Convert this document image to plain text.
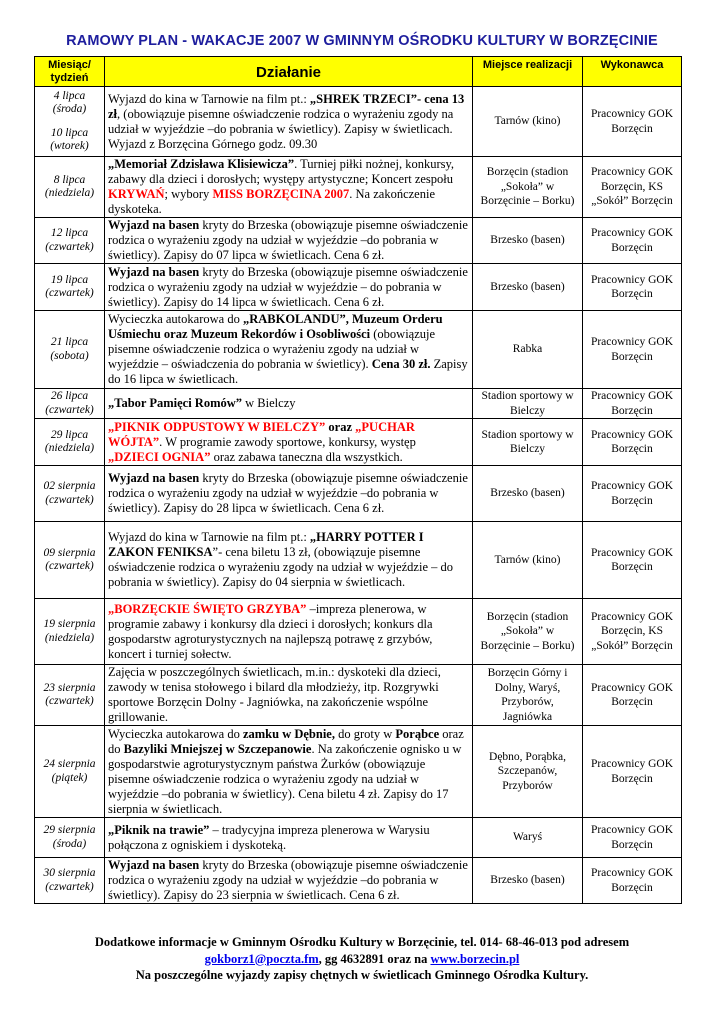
RAMOWY PLAN - WAKACJE 2007 W GMINNYM OŚRODKU KULTURY W BORZĘCINIE
Miesiąc/ tydzień	Działanie	Miejsce realizacji	Wykonawca

4 lipca (środa)
10 lipca (wtorek)	Wyjazd do kina w Tarnowie na film pt.: „SHREK TRZECI”- cena 13 zł, (obowiązuje pisemne oświadczenie rodzica o wyrażeniu zgody na udział w wyjeździe –do pobrania w świetlicy). Zapisy w świetlicach. Wyjazd z Borzęcina Górnego godz. 09.30	Tarnów (kino)	Pracownicy GOK Borzęcin

8 lipca (niedziela)	„Memoriał Zdzisława Klisiewicza”. Turniej piłki nożnej, konkursy, zabawy dla dzieci i dorosłych; występy artystyczne; Koncert zespołu KRYWAŃ; wybory MISS BORZĘCINA 2007. Na zakończenie dyskoteka.	Borzęcin (stadion „Sokoła” w Borzęcinie – Borku)	Pracownicy GOK Borzęcin, KS „Sokół” Borzęcin

12 lipca (czwartek)	Wyjazd na basen kryty do Brzeska (obowiązuje pisemne oświadczenie rodzica o wyrażeniu zgody na udział w wyjeździe –do pobrania w świetlicy). Zapisy do 07 lipca w świetlicach. Cena 6 zł.	Brzesko (basen)	Pracownicy GOK Borzęcin

19 lipca (czwartek)	Wyjazd na basen kryty do Brzeska (obowiązuje pisemne oświadczenie rodzica o wyrażeniu zgody na udział w wyjeździe – do pobrania w świetlicy). Zapisy do 14 lipca w świetlicach. Cena 6 zł.	Brzesko (basen)	Pracownicy GOK Borzęcin

21 lipca (sobota)	Wycieczka autokarowa do „RABKOLANDU”, Muzeum Orderu Uśmiechu oraz Muzeum Rekordów i Osobliwości (obowiązuje pisemne oświadczenie rodzica o wyrażeniu zgody na udział w wyjeździe – oświadczenia do pobrania w świetlicy). Cena 30 zł. Zapisy do 16 lipca w świetlicach.	Rabka	Pracownicy GOK Borzęcin

26 lipca (czwartek)	„Tabor Pamięci Romów” w Bielczy	Stadion sportowy w Bielczy	Pracownicy GOK Borzęcin

29 lipca (niedziela)	„PIKNIK ODPUSTOWY W BIELCZY” oraz „PUCHAR WÓJTA”. W programie zawody sportowe, konkursy, występ „DZIECI OGNIA” oraz zabawa taneczna dla wszystkich.	Stadion sportowy w Bielczy	Pracownicy GOK Borzęcin

02 sierpnia (czwartek)	Wyjazd na basen kryty do Brzeska (obowiązuje pisemne oświadczenie rodzica o wyrażeniu zgody na udział w wyjeździe –do pobrania w świetlicy). Zapisy do 28 lipca w świetlicach. Cena 6 zł.	Brzesko (basen)	Pracownicy GOK Borzęcin

09 sierpnia (czwartek)	Wyjazd do kina w Tarnowie na film pt.: „HARRY POTTER I ZAKON FENIKSA”- cena biletu 13 zł, (obowiązuje pisemne oświadczenie rodzica o wyrażeniu zgody na udział w wyjeździe – do pobrania w świetlicy). Zapisy do 04 sierpnia w świetlicach.	Tarnów (kino)	Pracownicy GOK Borzęcin

19 sierpnia (niedziela)	„BORZĘCKIE ŚWIĘTO GRZYBA” –impreza plenerowa, w programie zabawy i konkursy dla dzieci i dorosłych; konkurs dla gospodarstw agroturystycznych na najlepszą potrawę z grzybów, koncert i turniej sołectw.	Borzęcin (stadion „Sokoła” w Borzęcinie – Borku)	Pracownicy GOK Borzęcin, KS „Sokół” Borzęcin

23 sierpnia (czwartek)	Zajęcia w poszczególnych świetlicach, m.in.: dyskoteki dla dzieci, zawody w tenisa stołowego i bilard dla młodzieży, itp. Rozgrywki sportowe Borzęcin Dolny - Jagniówka, na zakończenie wspólne grillowanie.	Borzęcin Górny i Dolny, Waryś, Przyborów, Jagniówka	Pracownicy GOK Borzęcin

24 sierpnia (piątek)	Wycieczka autokarowa do zamku w Dębnie, do groty w Porąbce oraz do Bazyliki Mniejszej w Szczepanowie. Na zakończenie ognisko u w gospodarstwie agroturystycznym państwa Żurków (obowiązuje pisemne oświadczenie rodzica o wyrażeniu zgody na udział w wyjeździe –do pobrania w świetlicy). Cena biletu 4 zł. Zapisy do 17 sierpnia w świetlicach.	Dębno, Porąbka, Szczepanów, Przyborów	Pracownicy GOK Borzęcin

29 sierpnia (środa)	„Piknik na trawie” – tradycyjna impreza plenerowa w Warysiu połączona z ogniskiem i dyskoteką.	Waryś	Pracownicy GOK Borzęcin

30 sierpnia (czwartek)	Wyjazd na basen kryty do Brzeska (obowiązuje pisemne oświadczenie rodzica o wyrażeniu zgody na udział w wyjeździe –do pobrania w świetlicy). Zapisy do 23 sierpnia w świetlicach. Cena 6 zł.	Brzesko (basen)	Pracownicy GOK Borzęcin
Dodatkowe informacje w Gminnym Ośrodku Kultury w Borzęcinie, tel. 014- 68-46-013 pod adresem
gokborz1@poczta.fm, gg 4632891 oraz na www.borzecin.pl
Na poszczególne wyjazdy zapisy chętnych w świetlicach Gminnego Ośrodka Kultury.
